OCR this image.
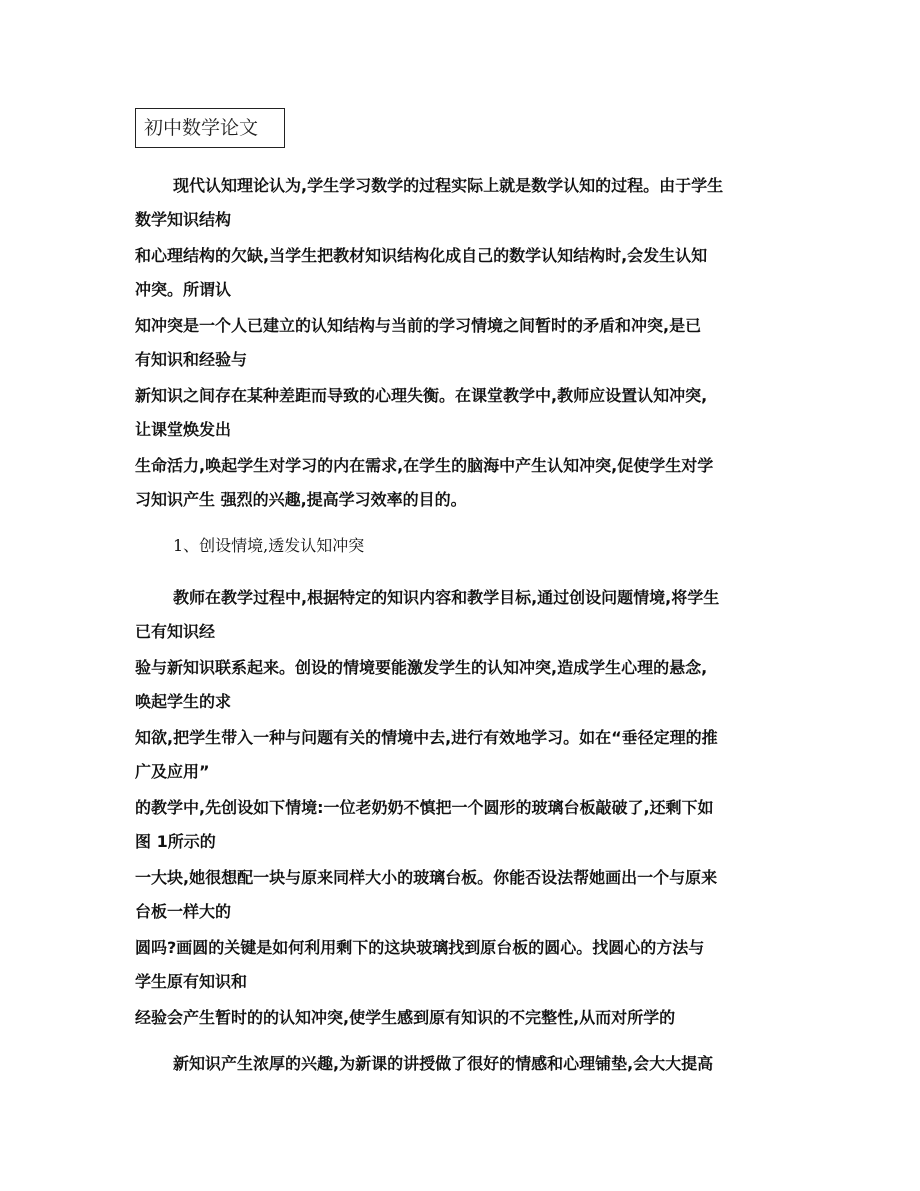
初中数学论文

现代认知理论认为,学生学习数学的过程实际上就是数学认知的过程。由于学生

数学知识结构

和心理结构的欠缺,当学生把教材知识结构化成自己的数学认知结构时,会发生认知

冲突。所谓认

知冲突是一个人已建立的认知结构与当前的学习情境之间暂时的矛盾和冲突,是已

有知识和经验与

新知识之间存在某种差距而导致的心理失衡。在课堂教学中,教师应设置认知冲突,

让课堂焕发出

生命活力,唤起学生对学习的内在需求,在学生的脑海中产生认知冲突,促使学生对学

习知识产生 强烈的兴趣,提高学习效率的目的。

1、创设情境,透发认知冲突

教师在教学过程中,根据特定的知识内容和教学目标,通过创设问题情境,将学生

已有知识经

验与新知识联系起来。创设的情境要能激发学生的认知冲突,造成学生心理的悬念,

唤起学生的求

知欲,把学生带入一种与问题有关的情境中去,进行有效地学习。如在“垂径定理的推

广及应用”

的教学中,先创设如下情境:一位老奶奶不慎把一个圆形的玻璃台板敲破了,还剩下如

图 1所示的

一大块,她很想配一块与原来同样大小的玻璃台板。你能否设法帮她画出一个与原来

台板一样大的

圆吗?画圆的关键是如何利用剩下的这块玻璃找到原台板的圆心。找圆心的方法与

学生原有知识和

经验会产生暂时的的认知冲突,使学生感到原有知识的不完整性,从而对所学的

新知识产生浓厚的兴趣,为新课的讲授做了很好的情感和心理铺垫,会大大提高
